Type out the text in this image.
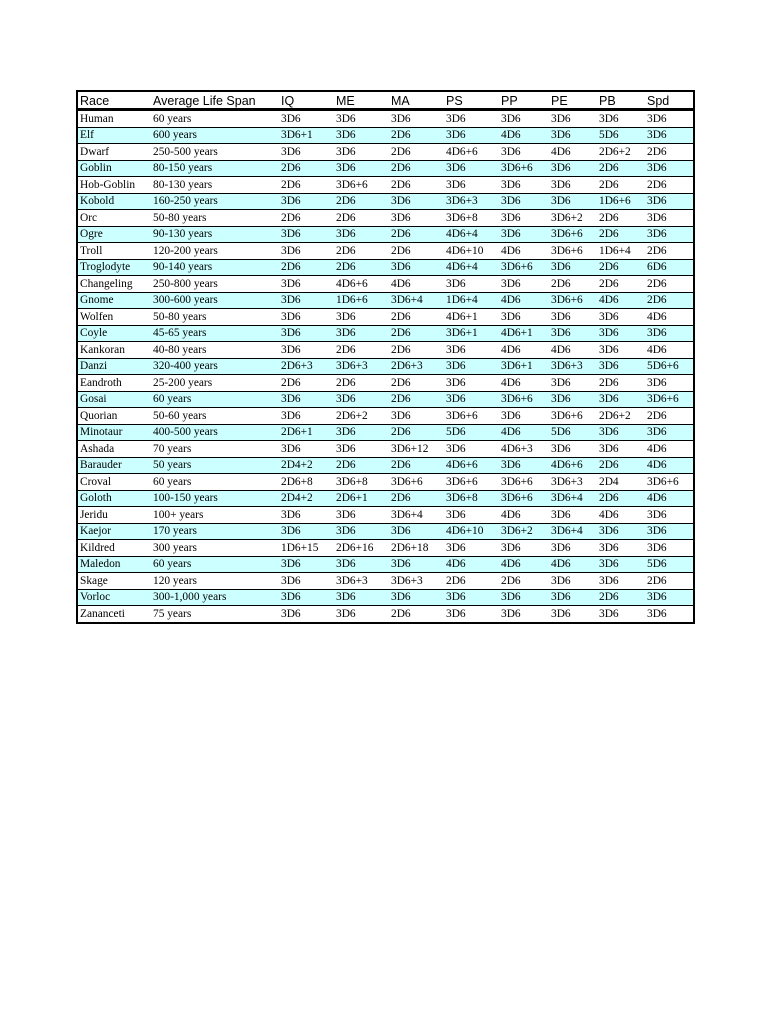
Race	Average Life Span	IQ	ME	MA	PS	PP	PE	PB	Spd
Human	60 years	3D6	3D6	3D6	3D6	3D6	3D6	3D6	3D6
Elf	600 years	3D6+1	3D6	2D6	3D6	4D6	3D6	5D6	3D6
Dwarf	250-500 years	3D6	3D6	2D6	4D6+6	3D6	4D6	2D6+2	2D6
Goblin	80-150 years	2D6	3D6	2D6	3D6	3D6+6	3D6	2D6	3D6
Hob-Goblin	80-130 years	2D6	3D6+6	2D6	3D6	3D6	3D6	2D6	2D6
Kobold	160-250 years	3D6	2D6	3D6	3D6+3	3D6	3D6	1D6+6	3D6
Orc	50-80 years	2D6	2D6	3D6	3D6+8	3D6	3D6+2	2D6	3D6
Ogre	90-130 years	3D6	3D6	2D6	4D6+4	3D6	3D6+6	2D6	3D6
Troll	120-200 years	3D6	2D6	2D6	4D6+10	4D6	3D6+6	1D6+4	2D6
Troglodyte	90-140 years	2D6	2D6	3D6	4D6+4	3D6+6	3D6	2D6	6D6
Changeling	250-800 years	3D6	4D6+6	4D6	3D6	3D6	2D6	2D6	2D6
Gnome	300-600 years	3D6	1D6+6	3D6+4	1D6+4	4D6	3D6+6	4D6	2D6
Wolfen	50-80 years	3D6	3D6	2D6	4D6+1	3D6	3D6	3D6	4D6
Coyle	45-65 years	3D6	3D6	2D6	3D6+1	4D6+1	3D6	3D6	3D6
Kankoran	40-80 years	3D6	2D6	2D6	3D6	4D6	4D6	3D6	4D6
Danzi	320-400 years	2D6+3	3D6+3	2D6+3	3D6	3D6+1	3D6+3	3D6	5D6+6
Eandroth	25-200 years	2D6	2D6	2D6	3D6	4D6	3D6	2D6	3D6
Gosai	60 years	3D6	3D6	2D6	3D6	3D6+6	3D6	3D6	3D6+6
Quorian	50-60 years	3D6	2D6+2	3D6	3D6+6	3D6	3D6+6	2D6+2	2D6
Minotaur	400-500 years	2D6+1	3D6	2D6	5D6	4D6	5D6	3D6	3D6
Ashada	70 years	3D6	3D6	3D6+12	3D6	4D6+3	3D6	3D6	4D6
Barauder	50 years	2D4+2	2D6	2D6	4D6+6	3D6	4D6+6	2D6	4D6
Croval	60 years	2D6+8	3D6+8	3D6+6	3D6+6	3D6+6	3D6+3	2D4	3D6+6
Goloth	100-150 years	2D4+2	2D6+1	2D6	3D6+8	3D6+6	3D6+4	2D6	4D6
Jeridu	100+ years	3D6	3D6	3D6+4	3D6	4D6	3D6	4D6	3D6
Kaejor	170 years	3D6	3D6	3D6	4D6+10	3D6+2	3D6+4	3D6	3D6
Kildred	300 years	1D6+15	2D6+16	2D6+18	3D6	3D6	3D6	3D6	3D6
Maledon	60 years	3D6	3D6	3D6	4D6	4D6	4D6	3D6	5D6
Skage	120 years	3D6	3D6+3	3D6+3	2D6	2D6	3D6	3D6	2D6
Vorloc	300-1,000 years	3D6	3D6	3D6	3D6	3D6	3D6	2D6	3D6
Zananceti	75 years	3D6	3D6	2D6	3D6	3D6	3D6	3D6	3D6
